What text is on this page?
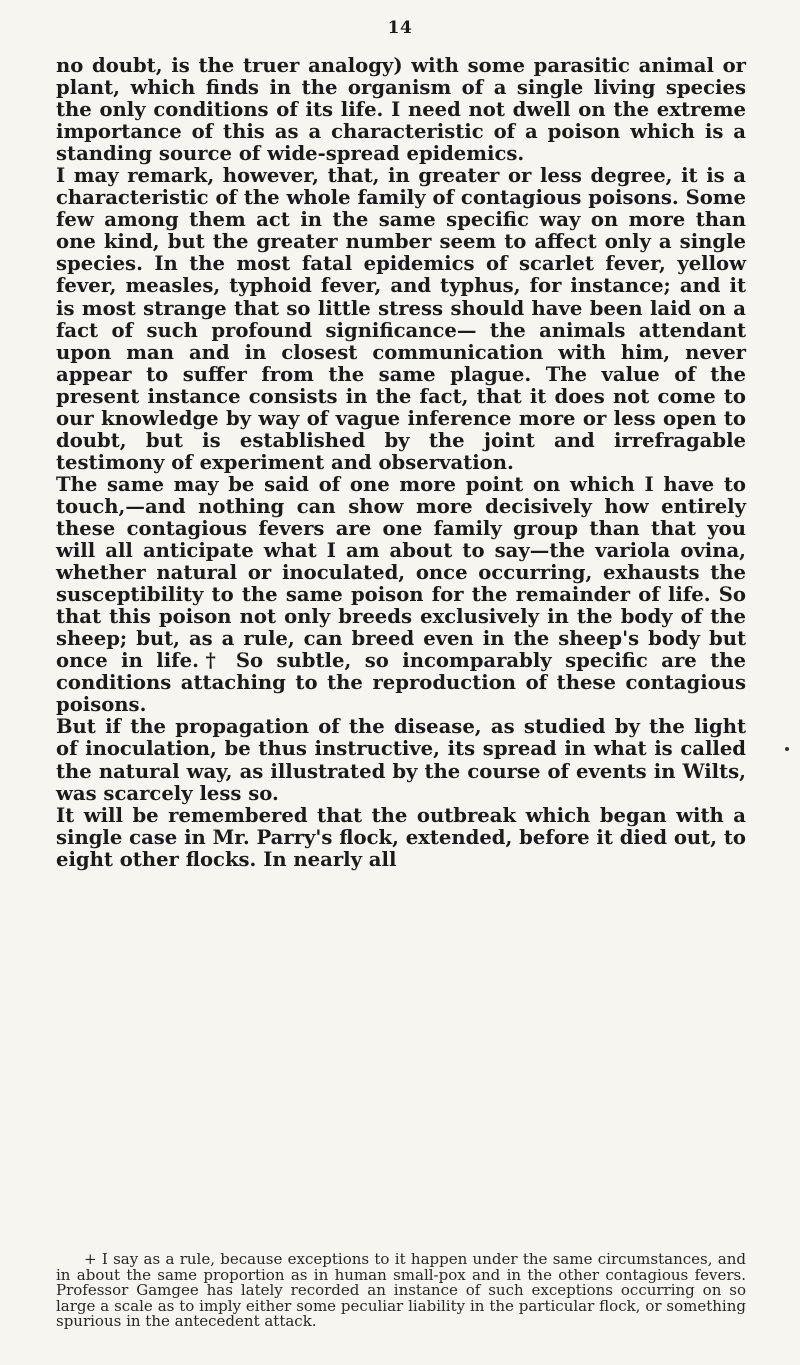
14

no doubt, is the truer analogy) with some parasitic animal or plant, which finds in the organism of a single living species the only conditions of its life. I need not dwell on the extreme importance of this as a characteristic of a poison which is a standing source of wide-spread epidemics.

I may remark, however, that, in greater or less degree, it is a characteristic of the whole family of contagious poisons. Some few among them act in the same specific way on more than one kind, but the greater number seem to affect only a single species. In the most fatal epidemics of scarlet fever, yellow fever, measles, typhoid fever, and typhus, for instance; and it is most strange that so little stress should have been laid on a fact of such profound significance— the animals attendant upon man and in closest communication with him, never appear to suffer from the same plague. The value of the present instance consists in the fact, that it does not come to our knowledge by way of vague inference more or less open to doubt, but is established by the joint and irrefragable testimony of experiment and observation.

The same may be said of one more point on which I have to touch,—and nothing can show more decisively how entirely these contagious fevers are one family group than that you will all anticipate what I am about to say—the variola ovina, whether natural or inoculated, once occurring, exhausts the susceptibility to the same poison for the remainder of life. So that this poison not only breeds exclusively in the body of the sheep; but, as a rule, can breed even in the sheep's body but once in life.† So subtle, so incomparably specific are the conditions attaching to the reproduction of these contagious poisons.

But if the propagation of the disease, as studied by the light of inoculation, be thus instructive, its spread in what is called the natural way, as illustrated by the course of events in Wilts, was scarcely less so.

It will be remembered that the outbreak which began with a single case in Mr. Parry's flock, extended, before it died out, to eight other flocks. In nearly all

+ I say as a rule, because exceptions to it happen under the same circumstances, and in about the same proportion as in human small-pox and in the other contagious fevers. Professor Gamgee has lately recorded an instance of such exceptions occurring on so large a scale as to imply either some peculiar liability in the particular flock, or something spurious in the antecedent attack.
